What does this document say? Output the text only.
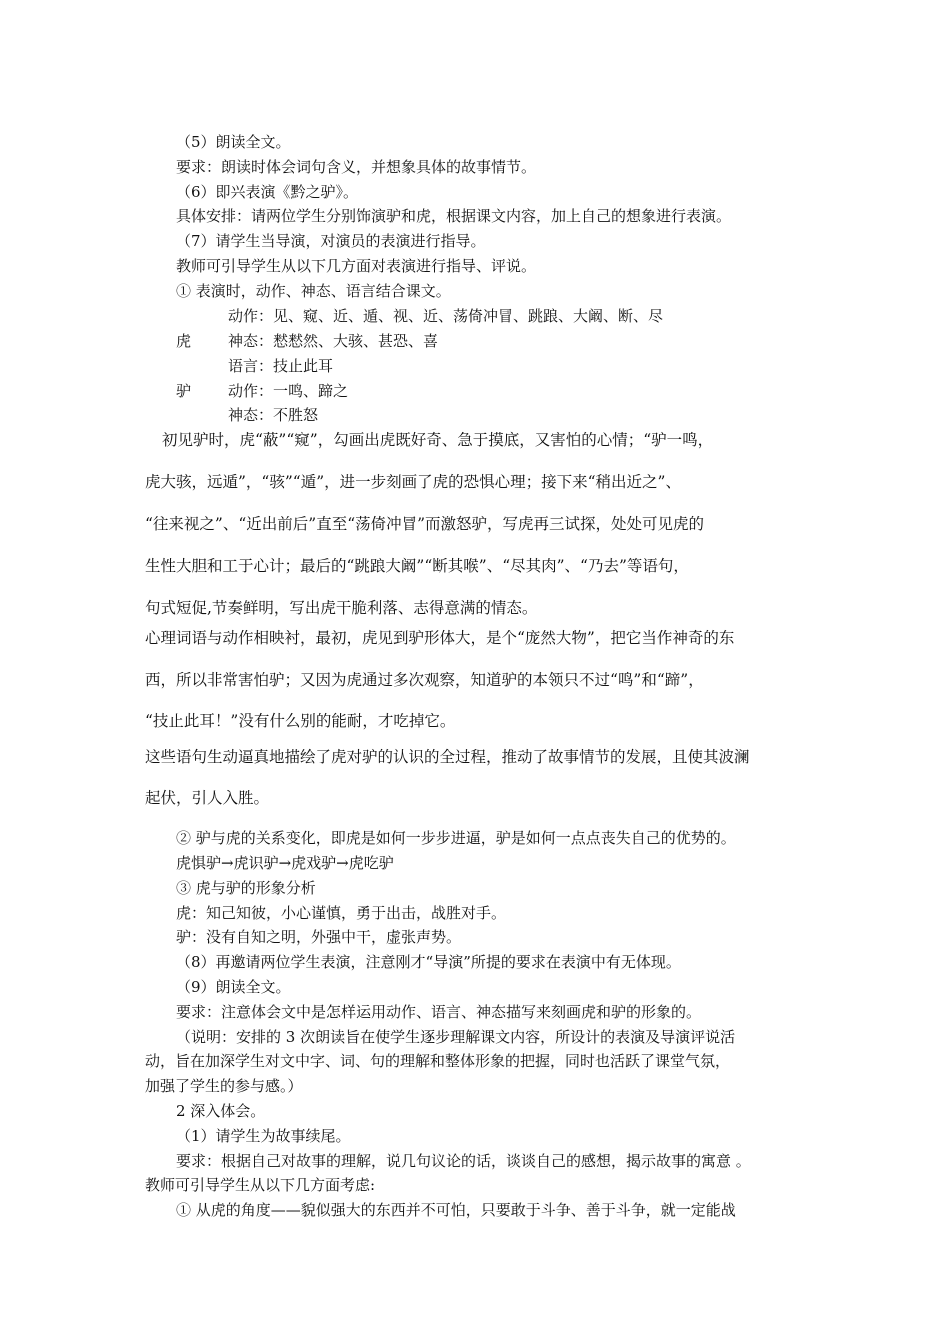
（5）朗读全文。
要求：朗读时体会词句含义，并想象具体的故事情节。
（6）即兴表演《黔之驴》。
具体安排：请两位学生分别饰演驴和虎，根据课文内容，加上自己的想象进行表演。
（7）请学生当导演，对演员的表演进行指导。
教师可引导学生从以下几方面对表演进行指导、评说。
① 表演时，动作、神态、语言结合课文。
动作：见、窥、近、遁、视、近、荡倚冲冒、跳踉、大阚、断、尽
虎 神态：慭慭然、大骇、甚恐、喜
语言：技止此耳
驴 动作：一鸣、蹄之
神态：不胜怒
初见驴时，虎“蔽”“窥”，勾画出虎既好奇、急于摸底，又害怕的心情；“驴一鸣，
虎大骇，远遁”，“骇”“遁”，进一步刻画了虎的恐惧心理；接下来“稍出近之”、
“往来视之”、“近出前后”直至“荡倚冲冒”而激怒驴，写虎再三试探，处处可见虎的
生性大胆和工于心计；最后的“跳踉大阚”“断其喉”、“尽其肉”、“乃去”等语句，
句式短促,节奏鲜明，写出虎干脆利落、志得意满的情态。
心理词语与动作相映衬，最初，虎见到驴形体大，是个“庞然大物”，把它当作神奇的东
西，所以非常害怕驴；又因为虎通过多次观察，知道驴的本领只不过“鸣”和“蹄”，
“技止此耳！”没有什么别的能耐，才吃掉它。
这些语句生动逼真地描绘了虎对驴的认识的全过程，推动了故事情节的发展，且使其波澜
起伏，引人入胜。
② 驴与虎的关系变化，即虎是如何一步步进逼，驴是如何一点点丧失自己的优势的。
虎惧驴→虎识驴→虎戏驴→虎吃驴
③ 虎与驴的形象分析
虎：知己知彼，小心谨慎，勇于出击，战胜对手。
驴：没有自知之明，外强中干，虚张声势。
（8）再邀请两位学生表演，注意刚才“导演”所提的要求在表演中有无体现。
（9）朗读全文。
要求：注意体会文中是怎样运用动作、语言、神态描写来刻画虎和驴的形象的。
（说明：安排的 3 次朗读旨在使学生逐步理解课文内容，所设计的表演及导演评说活
动，旨在加深学生对文中字、词、句的理解和整体形象的把握，同时也活跃了课堂气氛，
加强了学生的参与感。）
2 深入体会。
（1）请学生为故事续尾。
要求：根据自己对故事的理解，说几句议论的话，谈谈自己的感想，揭示故事的寓意 。
教师可引导学生从以下几方面考虑:
① 从虎的角度——貌似强大的东西并不可怕，只要敢于斗争、善于斗争，就一定能战
